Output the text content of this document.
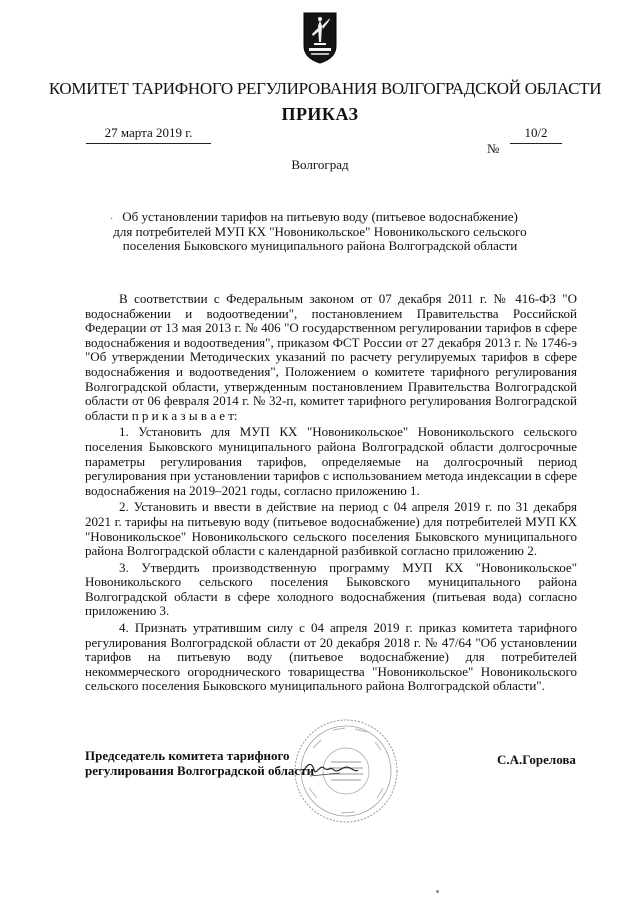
КОМИТЕТ ТАРИФНОГО РЕГУЛИРОВАНИЯ ВОЛГОГРАДСКОЙ ОБЛАСТИ
ПРИКАЗ
27 марта 2019 г.
№
10/2
Волгоград
· Об установлении тарифов на питьевую воду (питьевое водоснабжение)
для потребителей МУП КХ "Новоникольское" Новоникольского сельского
поселения Быковского муниципального района Волгоградской области

В соответствии с Федеральным законом от 07 декабря 2011 г. № 416-ФЗ "О водоснабжении и водоотведении", постановлением Правительства Российской Федерации от 13 мая 2013 г. № 406 "О государственном регулировании тарифов в сфере водоснабжения и водоотведения", приказом ФСТ России от 27 декабря 2013 г. № 1746-э "Об утверждении Методических указаний по расчету регулируемых тарифов в сфере водоснабжения и водоотведения", Положением о комитете тарифного регулирования Волгоградской области, утвержденным постановлением Правительства Волгоградской области от 06 февраля 2014 г. № 32-п, комитет тарифного регулирования Волгоградской области п р и к а з ы в а е т:

1. Установить для МУП КХ "Новоникольское" Новоникольского сельского поселения Быковского муниципального района Волгоградской области долгосрочные параметры регулирования тарифов, определяемые на долгосрочный период регулирования при установлении тарифов с использованием метода индексации в сфере водоснабжения на 2019–2021 годы, согласно приложению 1.

2. Установить и ввести в действие на период с 04 апреля 2019 г. по 31 декабря 2021 г. тарифы на питьевую воду (питьевое водоснабжение) для потребителей МУП КХ "Новоникольское" Новоникольского сельского поселения Быковского муниципального района Волгоградской области с календарной разбивкой согласно приложению 2.

3. Утвердить производственную программу МУП КХ "Новоникольское" Новоникольского сельского поселения Быковского муниципального района Волгоградской области в сфере холодного водоснабжения (питьевая вода) согласно приложению 3.

4. Признать утратившим силу с 04 апреля 2019 г. приказ комитета тарифного регулирования Волгоградской области от 20 декабря 2018 г. № 47/64 "Об установлении тарифов на питьевую воду (питьевое водоснабжение) для потребителей некоммерческого огороднического товарищества "Новоникольское" Новоникольского сельского поселения Быковского муниципального района Волгоградской области".

Председатель комитета тарифного
регулирования Волгоградской области
С.А.Горелова
